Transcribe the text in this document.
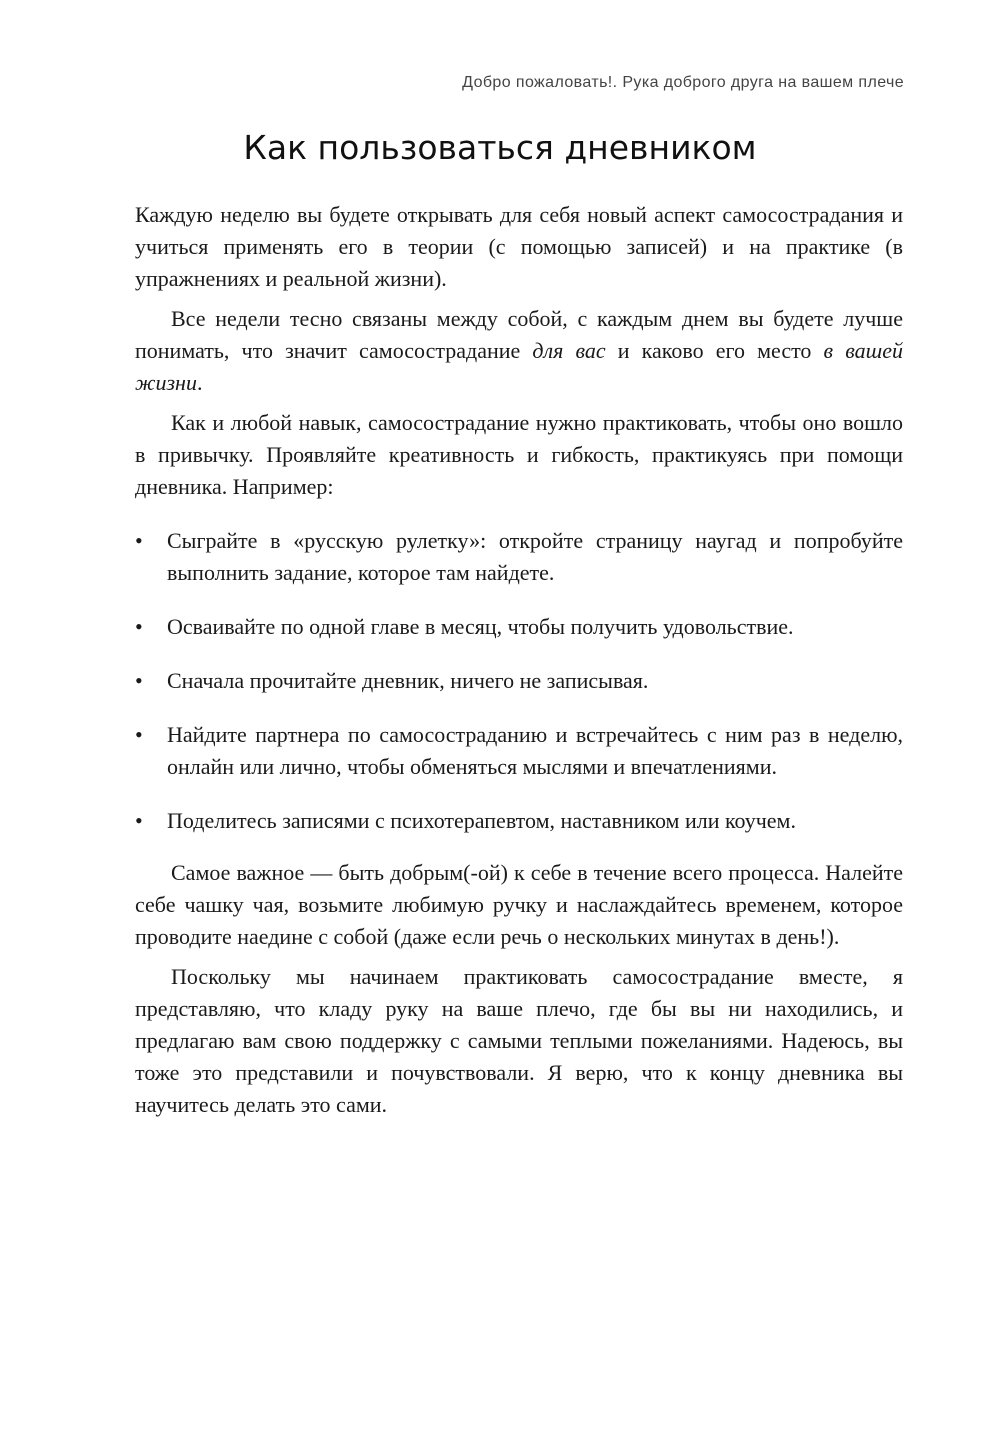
Добро пожаловать!. Рука доброго друга на вашем плече
Как пользоваться дневником

Каждую неделю вы будете открывать для себя новый аспект самосострадания и учиться применять его в теории (с помощью записей) и на практике (в упражнениях и реальной жизни).

Все недели тесно связаны между собой, с каждым днем вы будете лучше понимать, что значит самосострадание для вас и каково его место в вашей жизни.

Как и любой навык, самосострадание нужно практиковать, чтобы оно вошло в привычку. Проявляйте креативность и гибкость, практикуясь при помощи дневника. Например:

• Сыграйте в «русскую рулетку»: откройте страницу наугад и попробуйте выполнить задание, которое там найдете.
• Осваивайте по одной главе в месяц, чтобы получить удовольствие.
• Сначала прочитайте дневник, ничего не записывая.
• Найдите партнера по самосостраданию и встречайтесь с ним раз в неделю, онлайн или лично, чтобы обменяться мыслями и впечатлениями.
• Поделитесь записями с психотерапевтом, наставником или коучем.

Самое важное — быть добрым(-ой) к себе в течение всего процесса. Налейте себе чашку чая, возьмите любимую ручку и наслаждайтесь временем, которое проводите наедине с собой (даже если речь о нескольких минутах в день!).

Поскольку мы начинаем практиковать самосострадание вместе, я представляю, что кладу руку на ваше плечо, где бы вы ни находились, и предлагаю вам свою поддержку с самыми теплыми пожеланиями. Надеюсь, вы тоже это представили и почувствовали. Я верю, что к концу дневника вы научитесь делать это сами.
